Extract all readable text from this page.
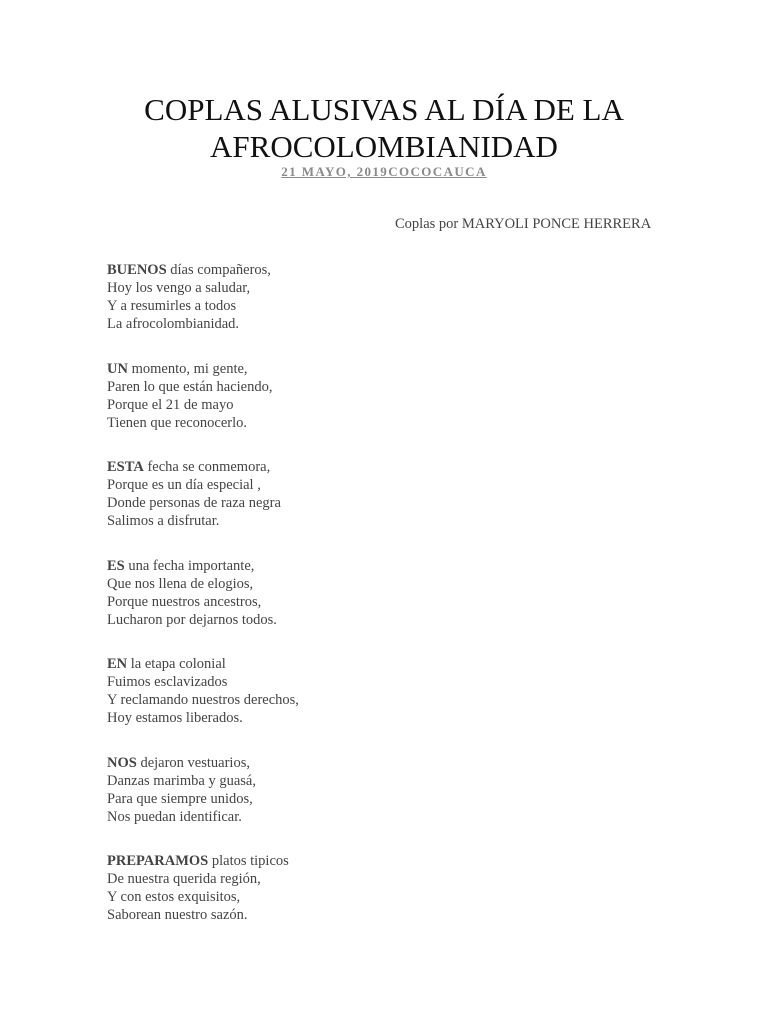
COPLAS ALUSIVAS AL DÍA DE LA
AFROCOLOMBIANIDAD
21 MAYO, 2019COCOCAUCA
Coplas por MARYOLI PONCE HERRERA
BUENOS días compañeros,
Hoy los vengo a saludar,
Y a resumirles a todos
La afrocolombianidad.
UN momento, mi gente,
Paren lo que están haciendo,
Porque el 21 de mayo
Tienen que reconocerlo.
ESTA fecha se conmemora,
Porque es un día especial ,
Donde personas de raza negra
Salimos a disfrutar.
ES una fecha importante,
Que nos llena de elogios,
Porque nuestros ancestros,
Lucharon por dejarnos todos.
EN la etapa colonial
Fuimos esclavizados
Y reclamando nuestros derechos,
Hoy estamos liberados.
NOS dejaron vestuarios,
Danzas marimba y guasá,
Para que siempre unidos,
Nos puedan identificar.
PREPARAMOS platos tipicos
De nuestra querida región,
Y con estos exquisitos,
Saborean nuestro sazón.
